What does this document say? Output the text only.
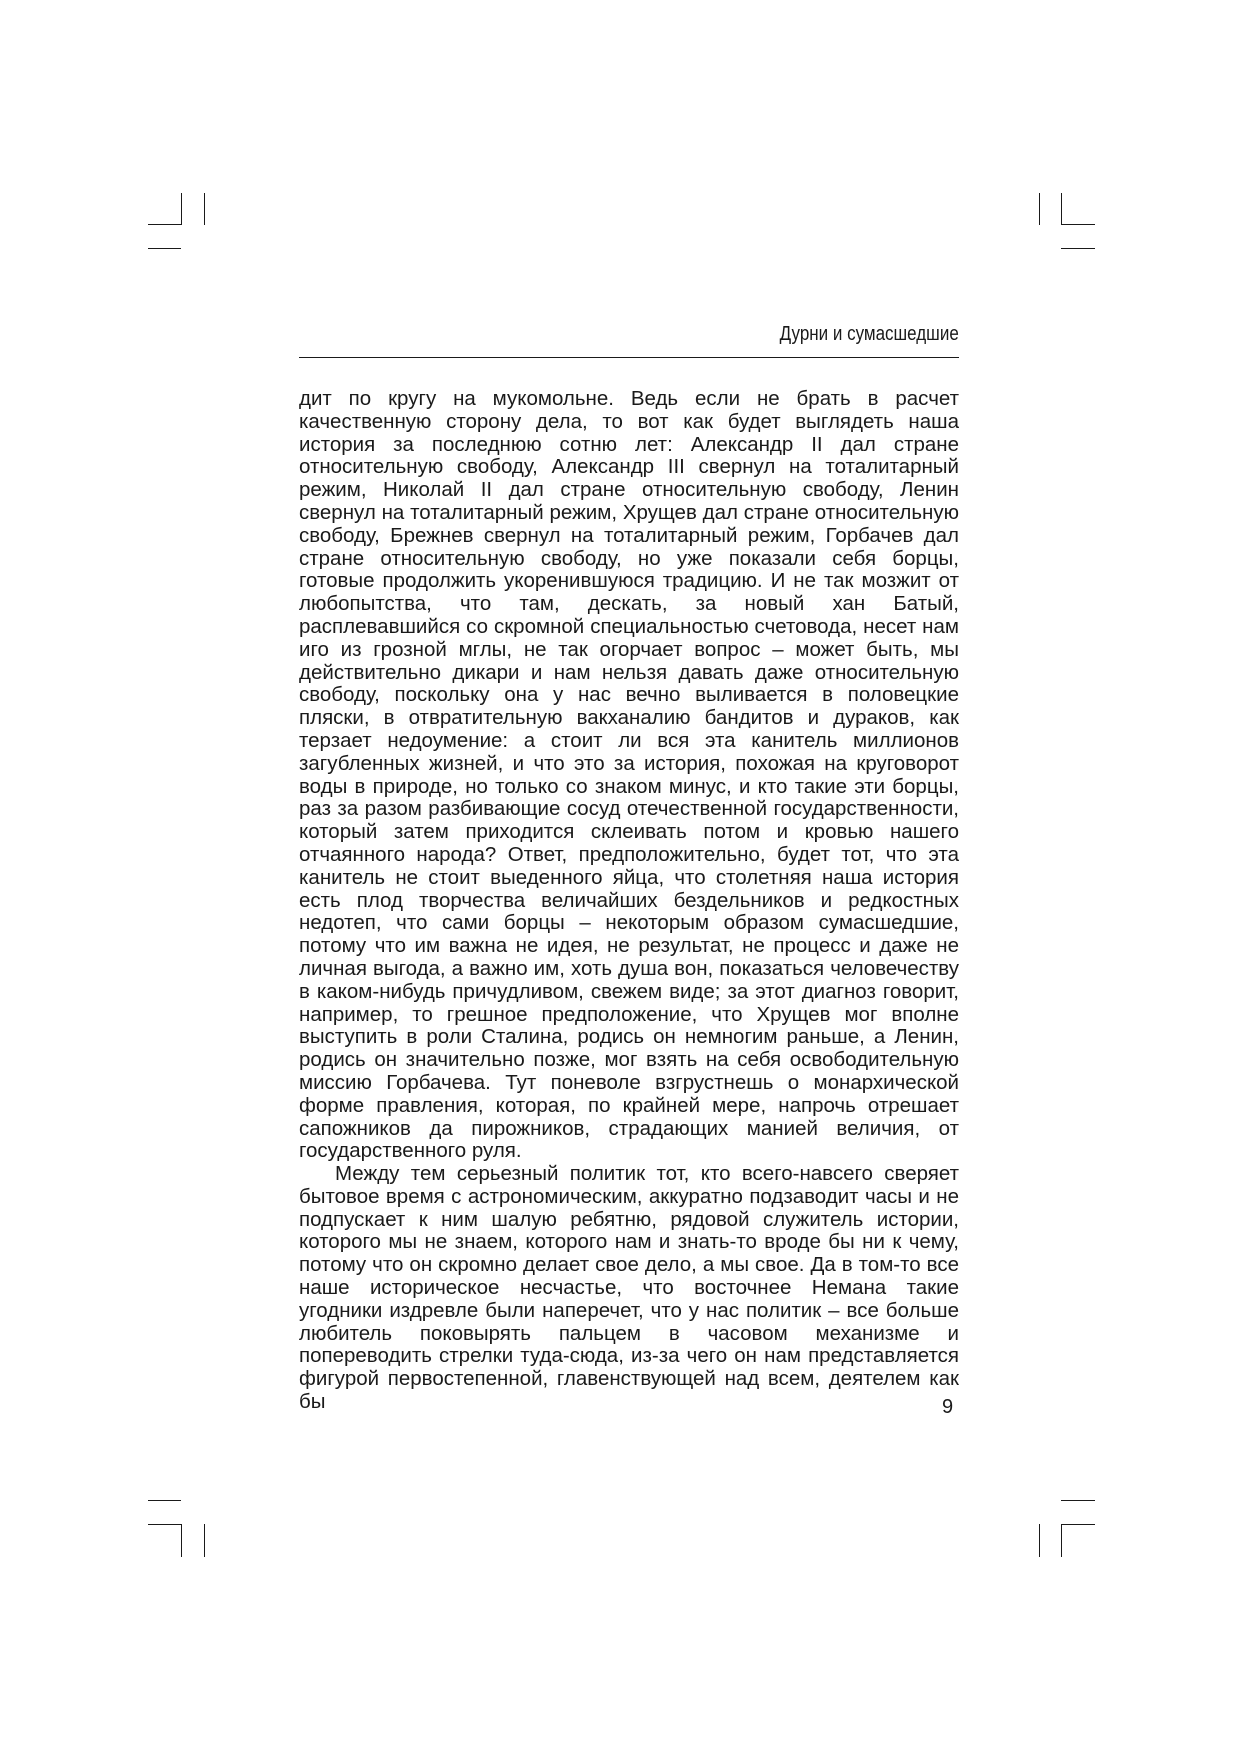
Дурни и сумасшедшие

дит по кругу на мукомольне. Ведь если не брать в расчет качественную сторону дела, то вот как будет выглядеть наша история за последнюю сотню лет: Александр II дал стране относительную свободу, Александр III свернул на тоталитарный режим, Николай II дал стране относительную свободу, Ленин свернул на тоталитарный режим, Хрущев дал стране относительную свободу, Брежнев свернул на тоталитарный режим, Горбачев дал стране относительную свободу, но уже показали себя борцы, готовые продолжить укоренившуюся традицию. И не так мозжит от любопытства, что там, дескать, за новый хан Батый, расплевавшийся со скромной специальностью счетовода, несет нам иго из грозной мглы, не так огорчает вопрос – может быть, мы действительно дикари и нам нельзя давать даже относительную свободу, поскольку она у нас вечно выливается в половецкие пляски, в отвратительную вакханалию бандитов и дураков, как терзает недоумение: а стоит ли вся эта канитель миллионов загубленных жизней, и что это за история, похожая на круговорот воды в природе, но только со знаком минус, и кто такие эти борцы, раз за разом разбивающие сосуд отечественной государственности, который затем приходится склеивать потом и кровью нашего отчаянного народа? Ответ, предположительно, будет тот, что эта канитель не стоит выеденного яйца, что столетняя наша история есть плод творчества величайших бездельников и редкостных недотеп, что сами борцы – некоторым образом сумасшедшие, потому что им важна не идея, не результат, не процесс и даже не личная выгода, а важно им, хоть душа вон, показаться человечеству в каком-нибудь причудливом, свежем виде; за этот диагноз говорит, например, то грешное предположение, что Хрущев мог вполне выступить в роли Сталина, родись он немногим раньше, а Ленин, родись он значительно позже, мог взять на себя освободительную миссию Горбачева. Тут поневоле взгрустнешь о монархической форме правления, которая, по крайней мере, напрочь отрешает сапожников да пирожников, страдающих манией величия, от государственного руля.

Между тем серьезный политик тот, кто всего-навсего сверяет бытовое время с астрономическим, аккуратно подзаводит часы и не подпускает к ним шалую ребятню, рядовой служитель истории, которого мы не знаем, которого нам и знать-то вроде бы ни к чему, потому что он скромно делает свое дело, а мы свое. Да в том-то все наше историческое несчастье, что восточнее Немана такие угодники издревле были наперечет, что у нас политик – все больше любитель поковырять пальцем в часовом механизме и попереводить стрелки туда-сюда, из-за чего он нам представляется фигурой первостепенной, главенствующей над всем, деятелем как бы	9
